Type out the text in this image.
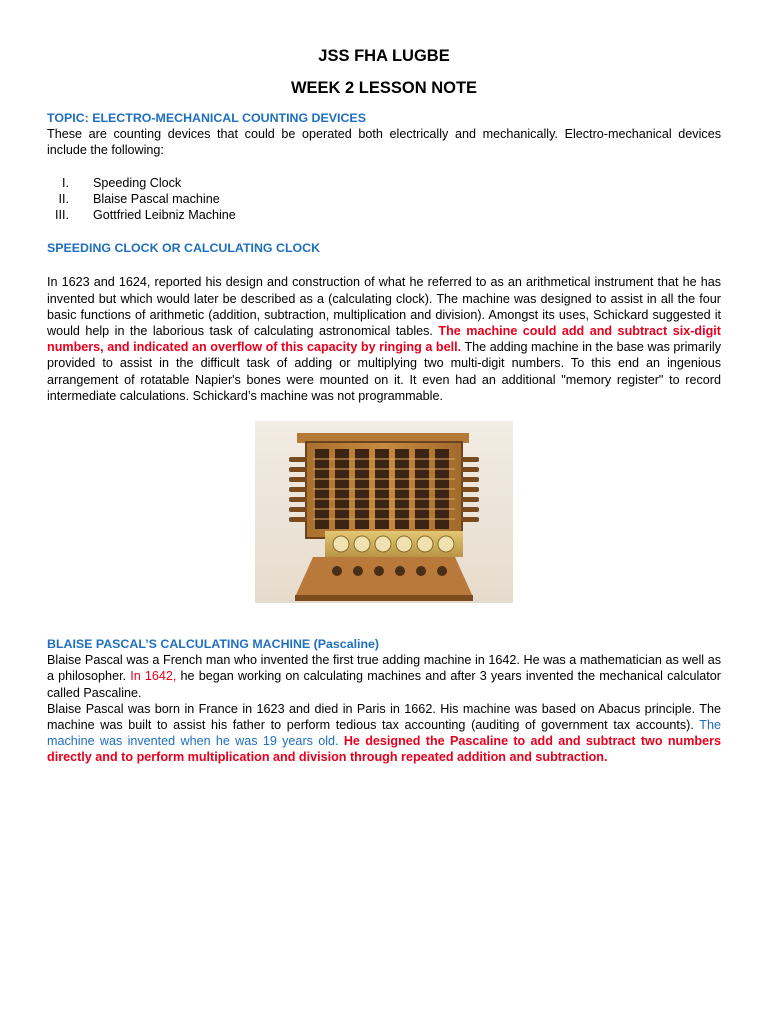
JSS FHA LUGBE
WEEK 2 LESSON NOTE
TOPIC: ELECTRO-MECHANICAL COUNTING DEVICES

These are counting devices that could be operated both electrically and mechanically. Electro-mechanical devices include the following:

I. Speeding Clock
II. Blaise Pascal machine
III. Gottfried Leibniz Machine
SPEEDING CLOCK OR CALCULATING CLOCK

In 1623 and 1624, reported his design and construction of what he referred to as an arithmetical instrument that he has invented but which would later be described as a (calculating clock). The machine was designed to assist in all the four basic functions of arithmetic (addition, subtraction, multiplication and division). Amongst its uses, Schickard suggested it would help in the laborious task of calculating astronomical tables. The machine could add and subtract six-digit numbers, and indicated an overflow of this capacity by ringing a bell. The adding machine in the base was primarily provided to assist in the difficult task of adding or multiplying two multi-digit numbers. To this end an ingenious arrangement of rotatable Napier's bones were mounted on it. It even had an additional "memory register" to record intermediate calculations. Schickard’s machine was not programmable.

BLAISE PASCAL’S CALCULATING MACHINE (Pascaline)

Blaise Pascal was a French man who invented the first true adding machine in 1642. He was a mathematician as well as a philosopher. In 1642, he began working on calculating machines and after 3 years invented the mechanical calculator called Pascaline.

Blaise Pascal was born in France in 1623 and died in Paris in 1662. His machine was based on Abacus principle. The machine was built to assist his father to perform tedious tax accounting (auditing of government tax accounts). The machine was invented when he was 19 years old. He designed the Pascaline to add and subtract two numbers directly and to perform multiplication and division through repeated addition and subtraction.
